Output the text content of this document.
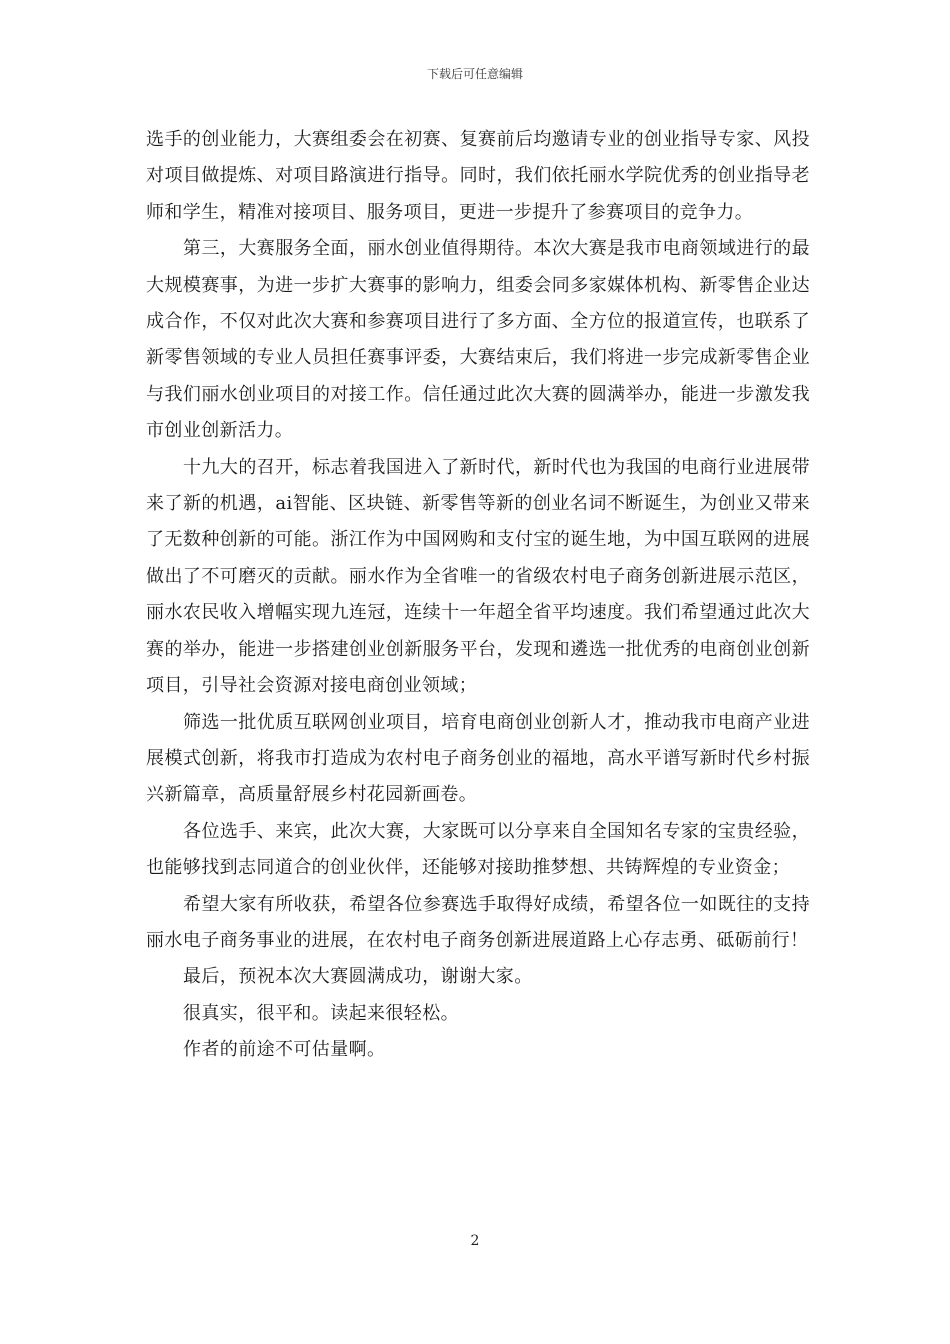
下载后可任意编辑

选手的创业能力，大赛组委会在初赛、复赛前后均邀请专业的创业指导专家、风投对项目做提炼、对项目路演进行指导。同时，我们依托丽水学院优秀的创业指导老师和学生，精准对接项目、服务项目，更进一步提升了参赛项目的竞争力。

第三，大赛服务全面，丽水创业值得期待。本次大赛是我市电商领域进行的最大规模赛事，为进一步扩大赛事的影响力，组委会同多家媒体机构、新零售企业达成合作，不仅对此次大赛和参赛项目进行了多方面、全方位的报道宣传，也联系了新零售领域的专业人员担任赛事评委，大赛结束后，我们将进一步完成新零售企业与我们丽水创业项目的对接工作。信任通过此次大赛的圆满举办，能进一步激发我市创业创新活力。

十九大的召开，标志着我国进入了新时代，新时代也为我国的电商行业进展带来了新的机遇，ai智能、区块链、新零售等新的创业名词不断诞生，为创业又带来了无数种创新的可能。浙江作为中国网购和支付宝的诞生地，为中国互联网的进展做出了不可磨灭的贡献。丽水作为全省唯一的省级农村电子商务创新进展示范区，丽水农民收入增幅实现九连冠，连续十一年超全省平均速度。我们希望通过此次大赛的举办，能进一步搭建创业创新服务平台，发现和遴选一批优秀的电商创业创新项目，引导社会资源对接电商创业领域；

筛选一批优质互联网创业项目，培育电商创业创新人才，推动我市电商产业进展模式创新，将我市打造成为农村电子商务创业的福地，高水平谱写新时代乡村振兴新篇章，高质量舒展乡村花园新画卷。

各位选手、来宾，此次大赛，大家既可以分享来自全国知名专家的宝贵经验，也能够找到志同道合的创业伙伴，还能够对接助推梦想、共铸辉煌的专业资金；

希望大家有所收获，希望各位参赛选手取得好成绩，希望各位一如既往的支持丽水电子商务事业的进展，在农村电子商务创新进展道路上心存志勇、砥砺前行！

最后，预祝本次大赛圆满成功，谢谢大家。

很真实，很平和。读起来很轻松。

作者的前途不可估量啊。

2
